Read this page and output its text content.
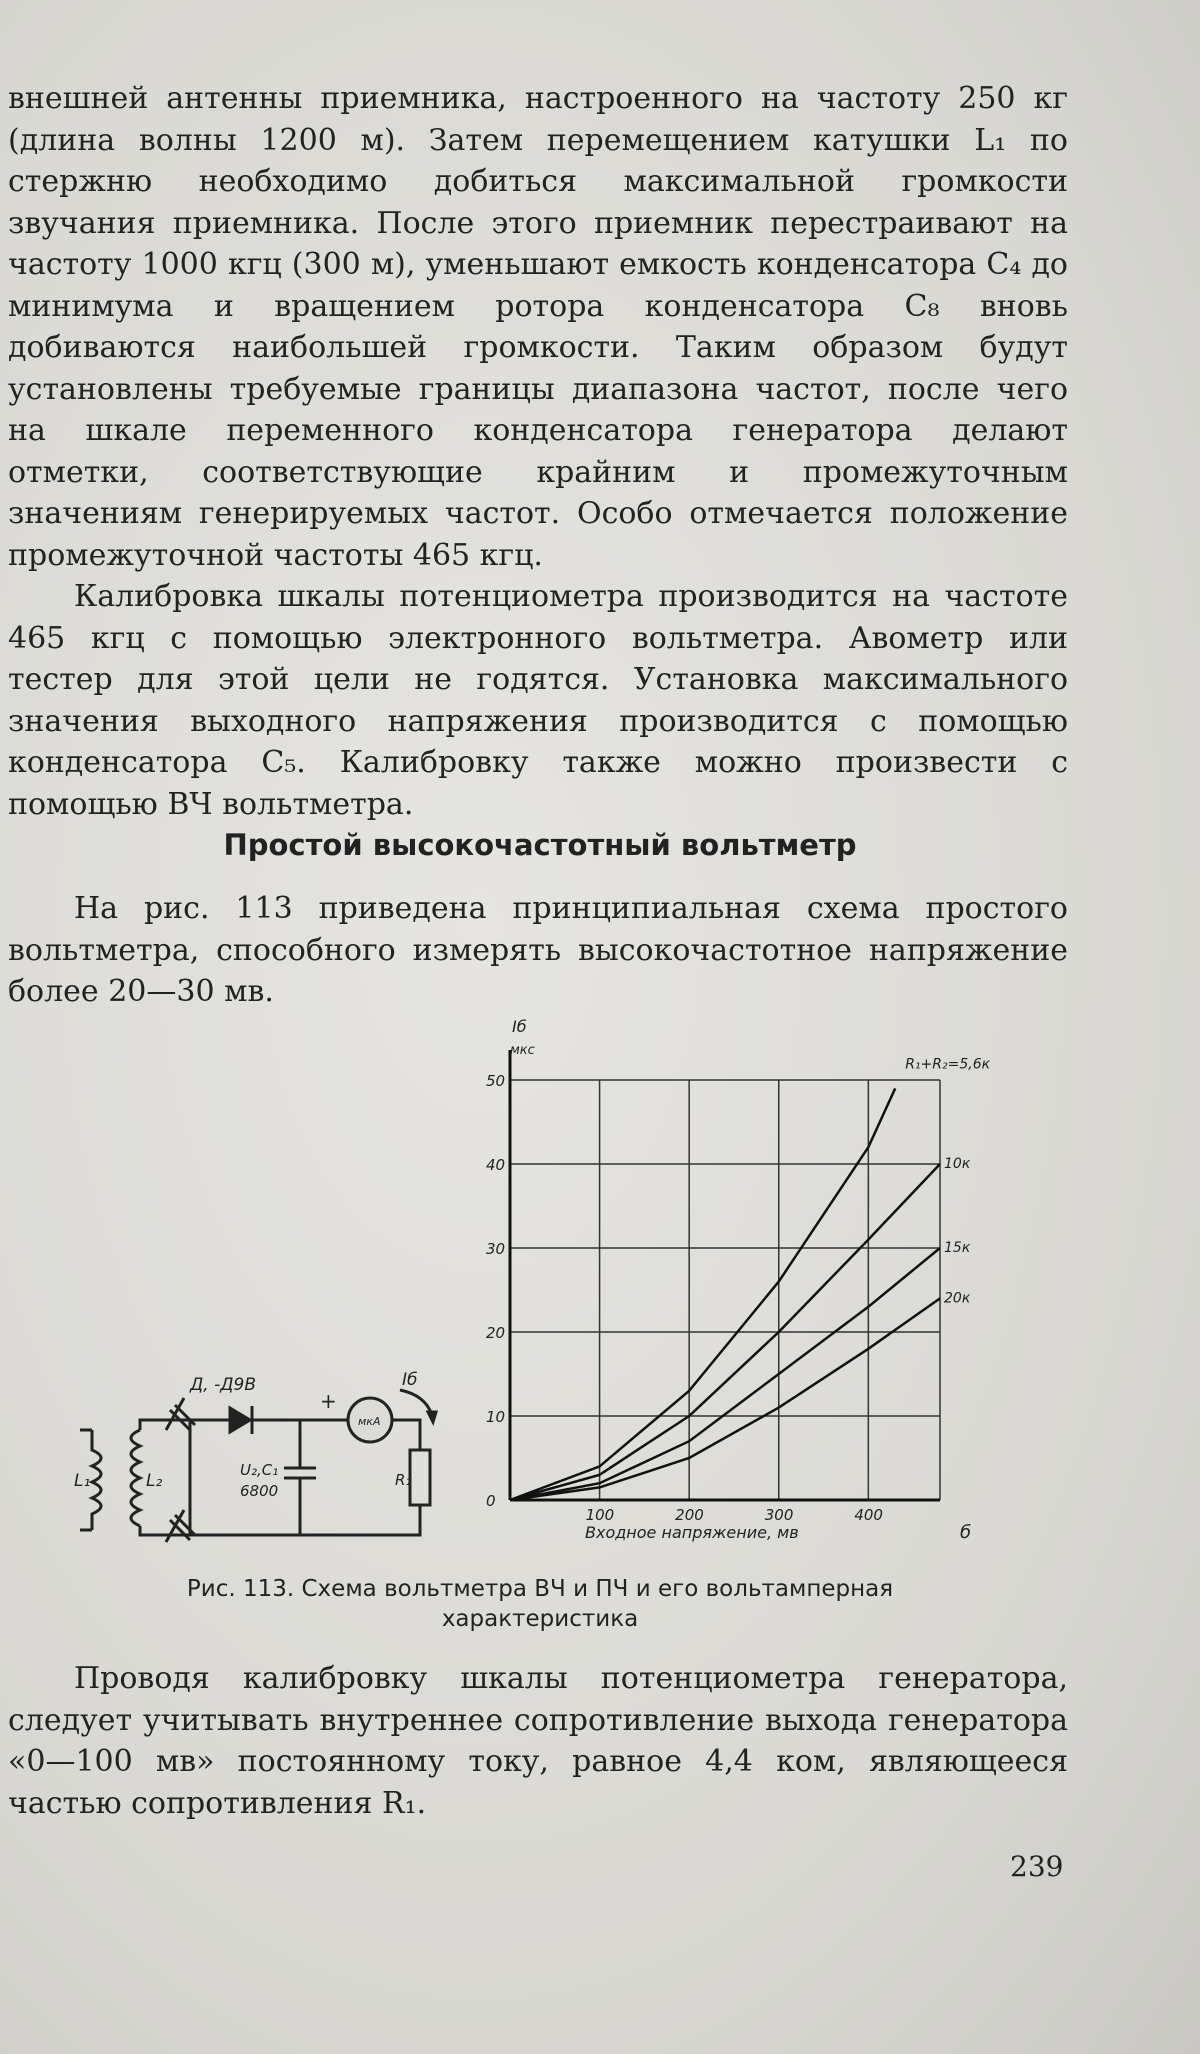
внешней антенны приемника, настроенного на частоту 250 кг (длина волны 1200 м). Затем перемещением катушки L₁ по стержню необходимо добиться максимальной громкости звучания приемника. После этого приемник перестраивают на частоту 1000 кгц (300 м), уменьшают емкость конденсатора C₄ до минимума и вращением ротора конденсатора C₈ вновь добиваются наибольшей громкости. Таким образом будут установлены требуемые границы диапазона частот, после чего на шкале переменного конденсатора генератора делают отметки, соответствующие крайним и промежуточным значениям генерируемых частот. Особо отмечается положение промежуточной частоты 465 кгц.

Калибровка шкалы потенциометра производится на частоте 465 кгц с помощью электронного вольтметра. Авометр или тестер для этой цели не годятся. Установка максимального значения выходного напряжения производится с помощью конденсатора C₅. Калибровку также можно произвести с помощью ВЧ вольтметра.

Простой высокочастотный вольтметр

На рис. 113 приведена принципиальная схема простого вольтметра, способного измерять высокочастотное напряжение более 20—30 мв.

L₁	L₂
Д, -Д9В
U₂,C₁
6800
мкА
Iб
R₁
+
Iб
мкс
Входное напряжение, мв	б
100	200	300	400
0
10
20
30
40
50
R₁+R₂=5,6к
10к
15к
20к
Рис. 113. Схема вольтметра ВЧ и ПЧ и его вольтамперная
характеристика

Проводя калибровку шкалы потенциометра генератора, следует учитывать внутреннее сопротивление выхода генератора «0—100 мв» постоянному току, равное 4,4 ком, являющееся частью сопротивления R₁.

239
